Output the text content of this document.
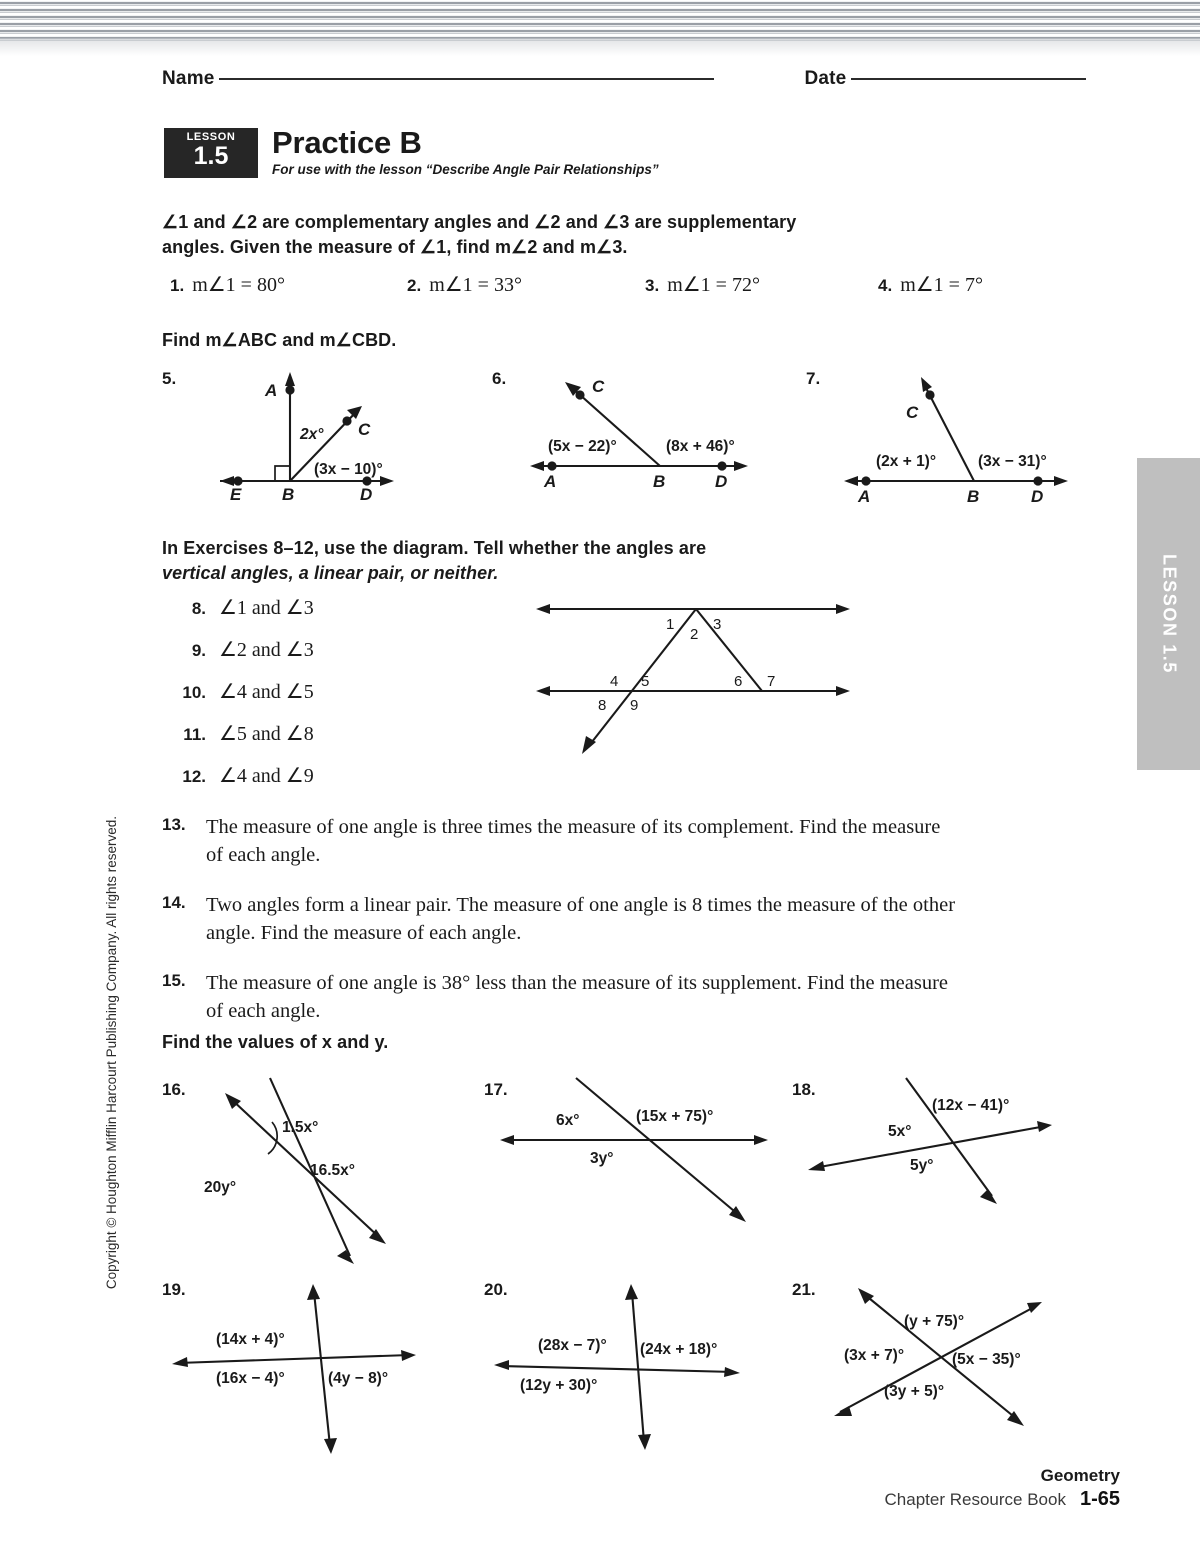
Name	Date
LESSON
1.5	Practice B
For use with the lesson “Describe Angle Pair Relationships”
∠1 and ∠2 are complementary angles and ∠2 and ∠3 are supplementary
angles. Given the measure of ∠1, find m∠2 and m∠3.
1. m∠1 = 80°	2. m∠1 = 33°	3. m∠1 = 72°	4. m∠1 = 7°
Find m∠ABC and m∠CBD.
5.
A
B
C
D
E
2x°
(3x − 10)°
6.
A	B
C
D
(5x − 22)°	(8x + 46)°
7.
A	B
C
D
(2x + 1)°	(3x − 31)°
In Exercises 8–12, use the diagram. Tell whether the angles are
vertical angles, a linear pair, or neither.
8. ∠1 and ∠3
9. ∠2 and ∠3
10. ∠4 and ∠5
11. ∠5 and ∠8
12. ∠4 and ∠9
1
2
3
4 5	6 7
8 9
13. The measure of one angle is three times the measure of its complement. Find the measure of each angle.
14. Two angles form a linear pair. The measure of one angle is 8 times the measure of the other angle. Find the measure of each angle.
15. The measure of one angle is 38° less than the measure of its supplement. Find the measure of each angle.
Find the values of x and y.
16.
1.5x°
16.5x°
20y°
17.
6x°	(15x + 75)°
3y°
18.
(12x − 41)°
5x°
5y°
19.
(14x + 4)°
(16x − 4)°	(4y − 8)°
20.
(28x − 7)° (24x + 18)°
(12y + 30)°
21.
(y + 75)°
(3x + 7)°	(5x − 35)°
(3y + 5)°
LESSON 1.5
Copyright © Houghton Mifflin Harcourt Publishing Company. All rights reserved.
Geometry
Chapter Resource Book 1-65
